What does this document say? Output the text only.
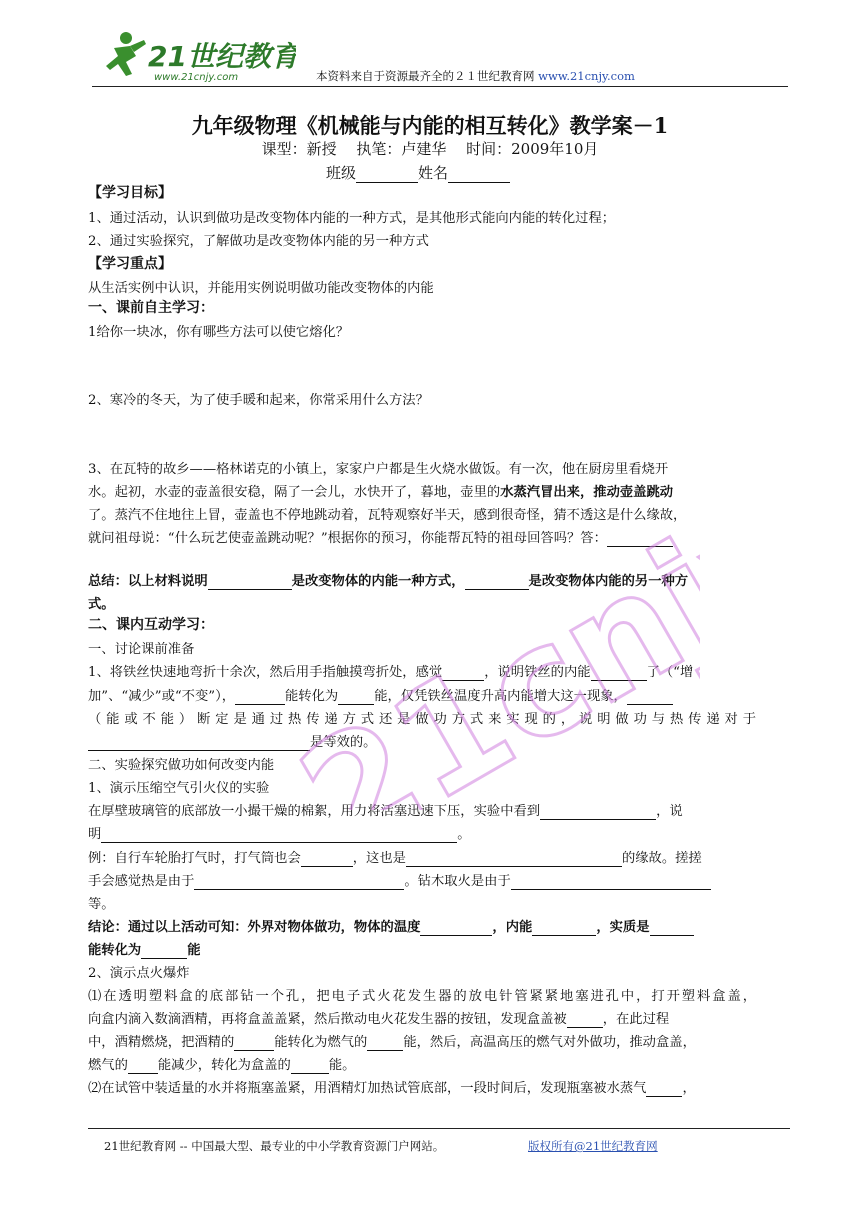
21世纪教育
www.21cnjy.com	本资料来自于资源最齐全的２１世纪教育网 www.21cnjy.com
九年级物理《机械能与内能的相互转化》教学案－1
课型：新授　 执笔：卢建华　 时间：2009年10月
班级	姓名
【学习目标】
1、通过活动，认识到做功是改变物体内能的一种方式，是其他形式能向内能的转化过程；
2、通过实验探究，了解做功是改变物体内能的另一种方式
【学习重点】
从生活实例中认识，并能用实例说明做功能改变物体的内能
一、课前自主学习：
1给你一块冰，你有哪些方法可以使它熔化？
2、寒冷的冬天，为了使手暖和起来，你常采用什么方法？
3、在瓦特的故乡——格林诺克的小镇上，家家户户都是生火烧水做饭。有一次，他在厨房里看烧开
水。起初，水壶的壶盖很安稳，隔了一会儿，水快开了，暮地，壶里的水蒸汽冒出来，推动壶盖跳动
了。蒸汽不住地往上冒，壶盖也不停地跳动着，瓦特观察好半天，感到很奇怪，猜不透这是什么缘故，
就问祖母说：“什么玩艺使壶盖跳动呢？”根据你的预习，你能帮瓦特的祖母回答吗？答：
总结：以上材料说明	是改变物体的内能一种方式，	是改变物体内能的另一种方
式。
二、课内互动学习：
一、讨论课前准备
1、将铁丝快速地弯折十余次，然后用手指触摸弯折处，感觉	，说明铁丝的内能	了（“增
加”、“减少”或“不变”），	能转化为	能，仅凭铁丝温度升高内能增大这一现象，
（能或不能）断定是通过热传递方式还是做功方式来实现的，说明做功与热传递对于
是等效的。
二、实验探究做功如何改变内能
1、演示压缩空气引火仪的实验
在厚壁玻璃管的底部放一小撮干燥的棉絮，用力将活塞迅速下压，实验中看到	，说
明	。
例：自行车轮胎打气时，打气筒也会	，这也是	的缘故。搓搓
手会感觉热是由于	。钻木取火是由于
等。
结论：通过以上活动可知：外界对物体做功，物体的温度	，内能	，实质是
能转化为	能
2、演示点火爆炸
⑴在透明塑料盒的底部钻一个孔，把电子式火花发生器的放电针管紧紧地塞进孔中，打开塑料盒盖，
向盒内滴入数滴酒精，再将盒盖盖紧，然后揿动电火花发生器的按钮，发现盒盖被	，在此过程
中，酒精燃烧，把酒精的	能转化为燃气的	能，然后，高温高压的燃气对外做功，推动盒盖，
燃气的 能减少，转化为盒盖的	能。
⑵在试管中装适量的水并将瓶塞盖紧，用酒精灯加热试管底部，一段时间后，发现瓶塞被水蒸气	，
21cnjy
21世纪教育网 -- 中国最大型、最专业的中小学教育资源门户网站。	版权所有@21世纪教育网
